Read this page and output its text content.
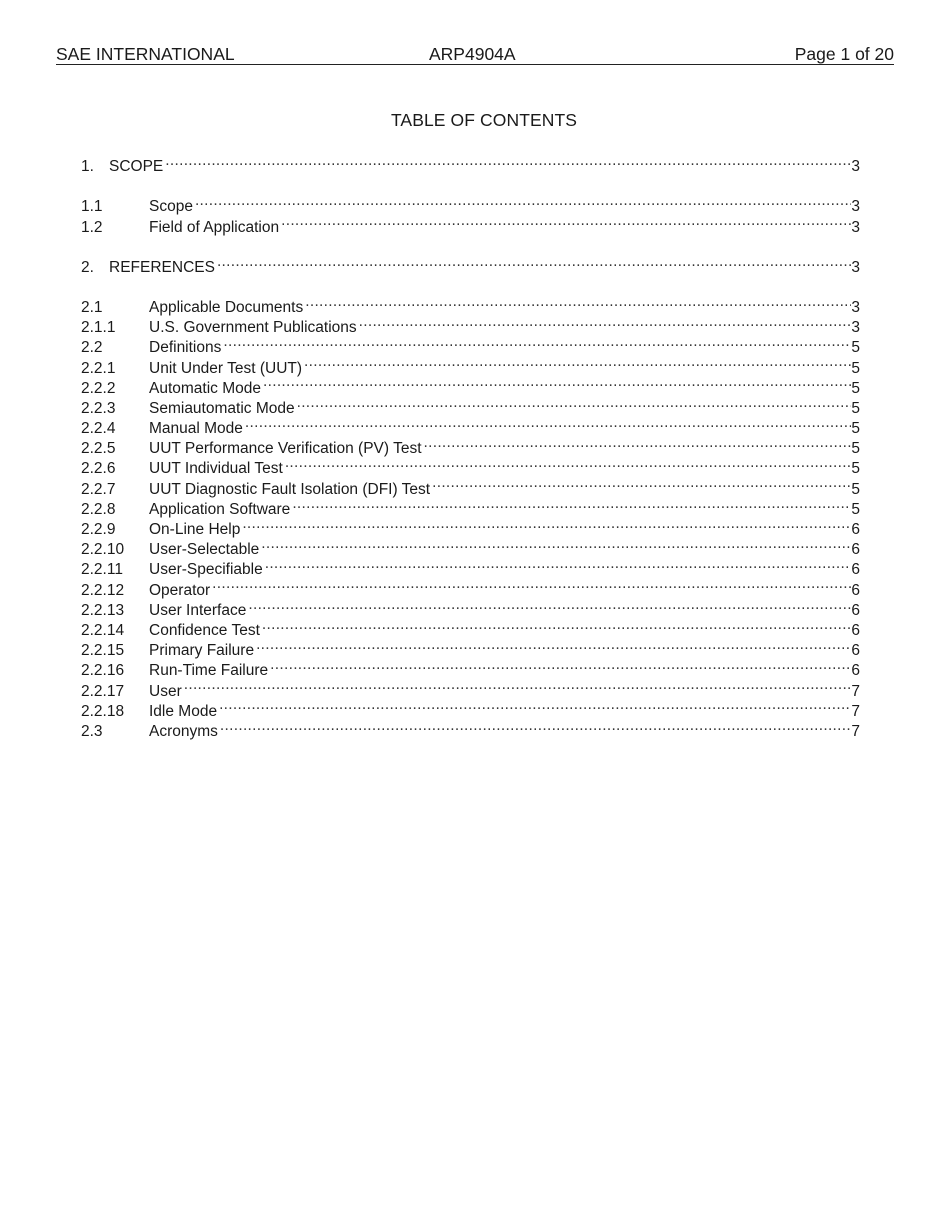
SAE INTERNATIONAL	ARP4904A	Page 1 of 20
TABLE OF CONTENTS
1. SCOPE .....	3
1.1	Scope .....	3
1.2	Field of Application .....	3
2. REFERENCES .....	3
2.1	Applicable Documents .....	3
2.1.1	U.S. Government Publications .....	3
2.2	Definitions .....	5
2.2.1	Unit Under Test (UUT) .....	5
2.2.2	Automatic Mode .....	5
2.2.3	Semiautomatic Mode .....	5
2.2.4	Manual Mode .....	5
2.2.5	UUT Performance Verification (PV) Test .....	5
2.2.6	UUT Individual Test .....	5
2.2.7	UUT Diagnostic Fault Isolation (DFI) Test .....	5
2.2.8	Application Software .....	5
2.2.9	On-Line Help .....	6
2.2.10	User-Selectable .....	6
2.2.11	User-Specifiable .....	6
2.2.12	Operator .....	6
2.2.13	User Interface .....	6
2.2.14	Confidence Test .....	6
2.2.15	Primary Failure .....	6
2.2.16	Run-Time Failure .....	6
2.2.17	User .....	7
2.2.18	Idle Mode .....	7
2.3	Acronyms .....	7
